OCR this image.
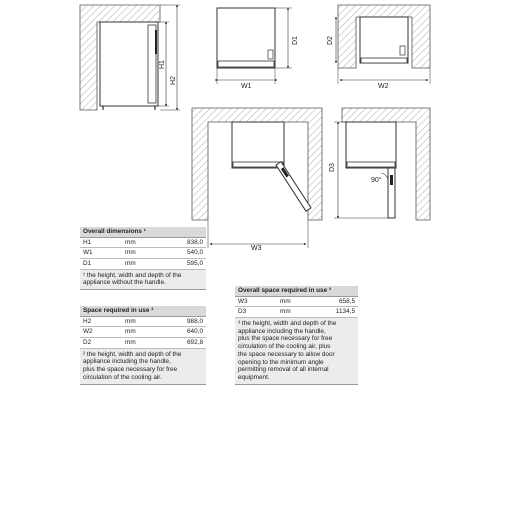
H1
H2
W1
D1
W2
D2
W3
90°
D3
Overall dimensions ¹
H1	mm	838,0
W1	mm	540,0
D1	mm	595,0
¹ the height, width and depth of the
appliance without the handle.
Space required in use ²
H2	mm	988,0
W2	mm	640,0
D2	mm	692,8
² the height, width and depth of the
appliance including the handle,
plus the space necessary for free
circulation of the cooling air.
Overall space required in use ³
W3	mm	658,5
D3	mm	1134,5
³ the height, width and depth of the
appliance including the handle,
plus the space necessary for free
circulation of the cooling air, plus
the space necessary to allow door
opening to the minimum angle
permitting removal of all internal
equipment.
